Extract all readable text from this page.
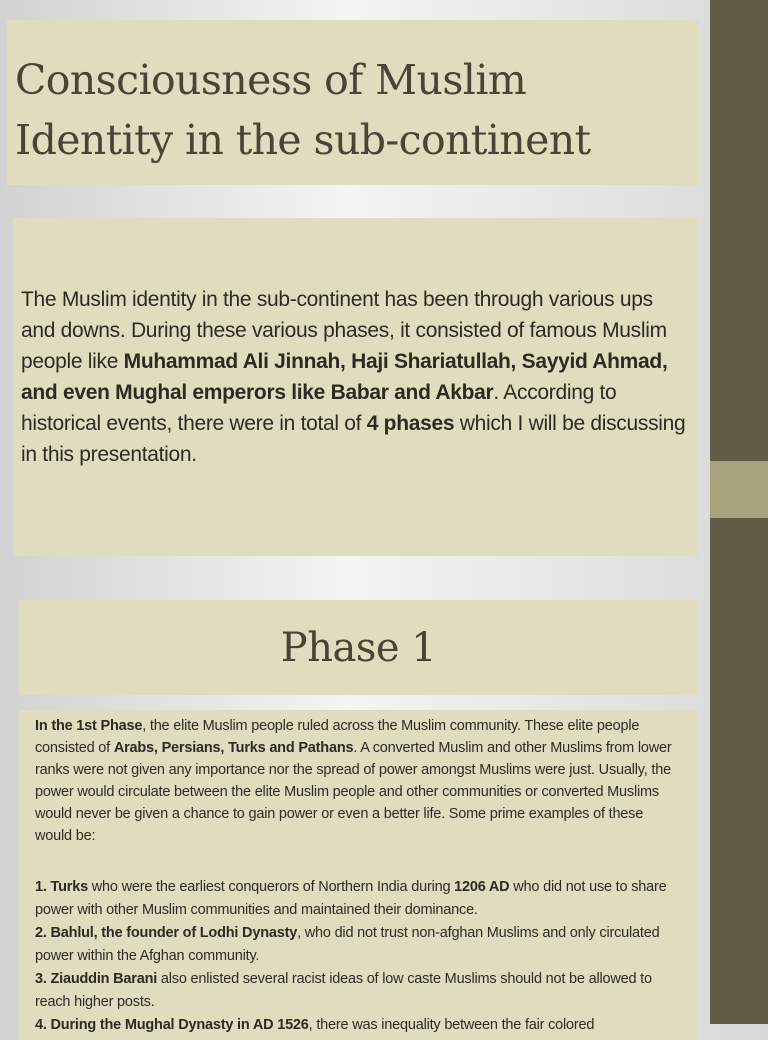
Consciousness of Muslim
Identity in the sub-continent

The Muslim identity in the sub-continent has been through various ups and downs. During these various phases, it consisted of famous Muslim people like Muhammad Ali Jinnah, Haji Shariatullah, Sayyid Ahmad, and even Mughal emperors like Babar and Akbar. According to historical events, there were in total of 4 phases which I will be discussing in this presentation.

Phase 1

In the 1st Phase, the elite Muslim people ruled across the Muslim community. These elite people consisted of Arabs, Persians, Turks and Pathans. A converted Muslim and other Muslims from lower ranks were not given any importance nor the spread of power amongst Muslims were just. Usually, the power would circulate between the elite Muslim people and other communities or converted Muslims would never be given a chance to gain power or even a better life. Some prime examples of these would be:

1. Turks who were the earliest conquerors of Northern India during 1206 AD who did not use to share power with other Muslim communities and maintained their dominance.
2. Bahlul, the founder of Lodhi Dynasty, who did not trust non-afghan Muslims and only circulated power within the Afghan community.
3. Ziauddin Barani also enlisted several racist ideas of low caste Muslims should not be allowed to reach higher posts.
4. During the Mughal Dynasty in AD 1526, there was inequality between the fair colored
